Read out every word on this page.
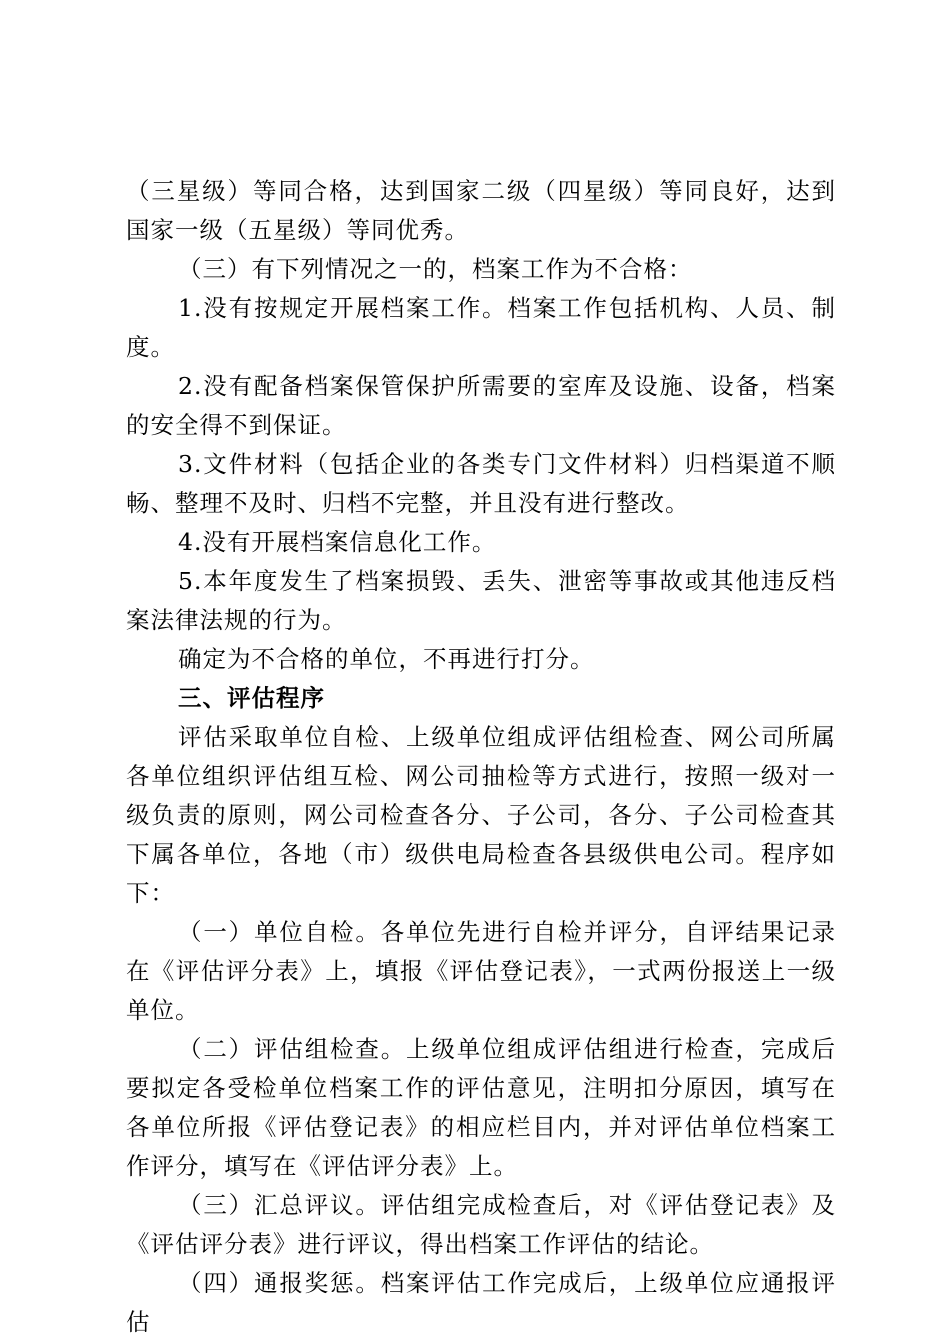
（三星级）等同合格，达到国家二级（四星级）等同良好，达到国家一级（五星级）等同优秀。

（三）有下列情况之一的，档案工作为不合格：

1.没有按规定开展档案工作。档案工作包括机构、人员、制度。

2.没有配备档案保管保护所需要的室库及设施、设备，档案的安全得不到保证。

3.文件材料（包括企业的各类专门文件材料）归档渠道不顺畅、整理不及时、归档不完整，并且没有进行整改。

4.没有开展档案信息化工作。

5.本年度发生了档案损毁、丢失、泄密等事故或其他违反档案法律法规的行为。

确定为不合格的单位，不再进行打分。

三、评估程序

评估采取单位自检、上级单位组成评估组检查、网公司所属各单位组织评估组互检、网公司抽检等方式进行，按照一级对一级负责的原则，网公司检查各分、子公司，各分、子公司检查其下属各单位，各地（市）级供电局检查各县级供电公司。程序如下：

（一）单位自检。各单位先进行自检并评分，自评结果记录在《评估评分表》上，填报《评估登记表》，一式两份报送上一级单位。

（二）评估组检查。上级单位组成评估组进行检查，完成后要拟定各受检单位档案工作的评估意见，注明扣分原因，填写在各单位所报《评估登记表》的相应栏目内，并对评估单位档案工作评分，填写在《评估评分表》上。

（三）汇总评议。评估组完成检查后，对《评估登记表》及《评估评分表》进行评议，得出档案工作评估的结论。

（四）通报奖惩。档案评估工作完成后，上级单位应通报评估
